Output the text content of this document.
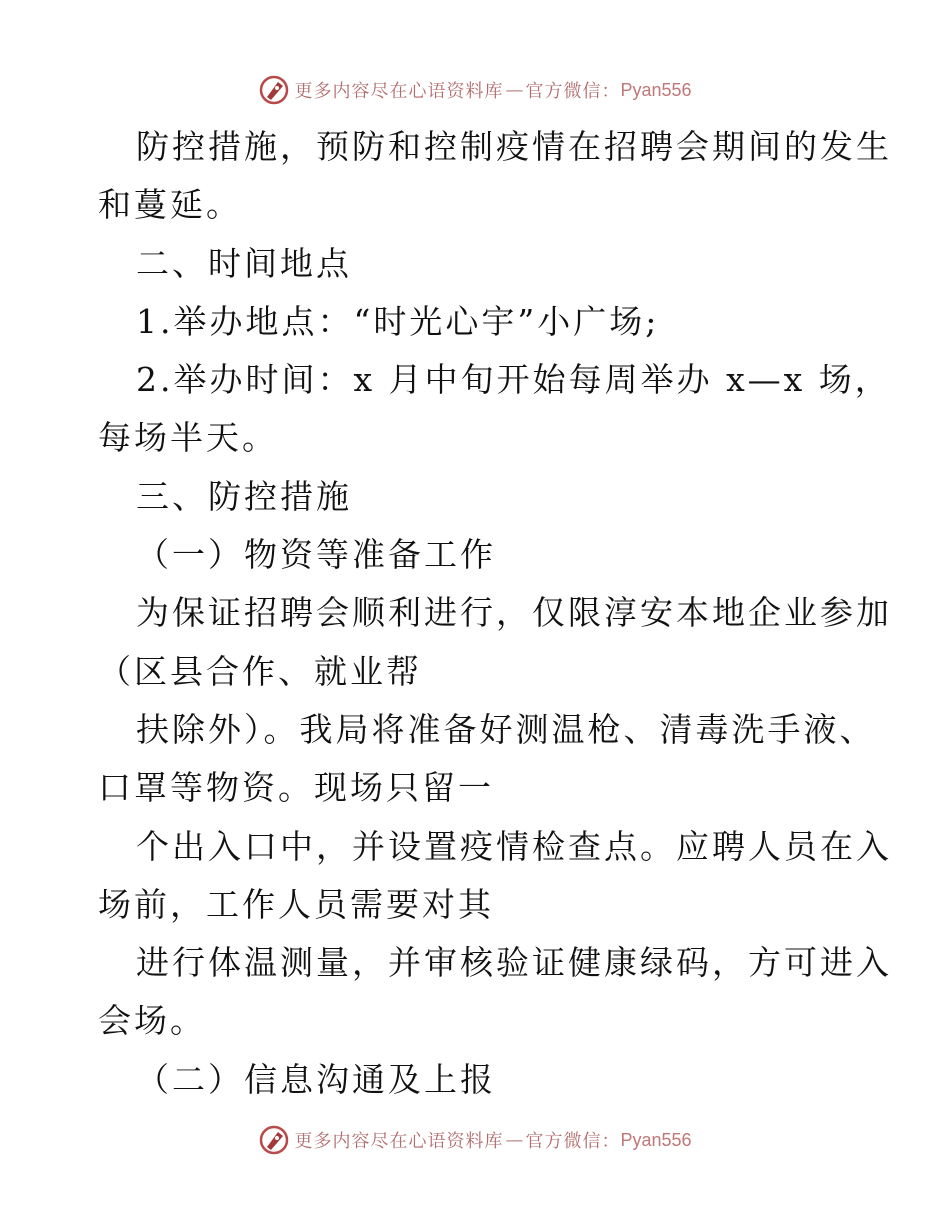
更多内容尽在心语资料库 — 官方微信： Pyan556
防控措施，预防和控制疫情在招聘会期间的发生
和蔓延。
二、时间地点
1.举办地点：“时光心宇”小广场;
2.举办时间：x 月中旬开始每周举办 x—x 场，
每场半天。
三、防控措施
（一）物资等准备工作
为保证招聘会顺利进行，仅限淳安本地企业参加
（区县合作、就业帮
扶除外）。我局将准备好测温枪、清毒洗手液、
口罩等物资。现场只留一
个出入口中，并设置疫情检查点。应聘人员在入
场前，工作人员需要对其
进行体温测量，并审核验证健康绿码，方可进入
会场。
（二）信息沟通及上报
更多内容尽在心语资料库 — 官方微信： Pyan556
